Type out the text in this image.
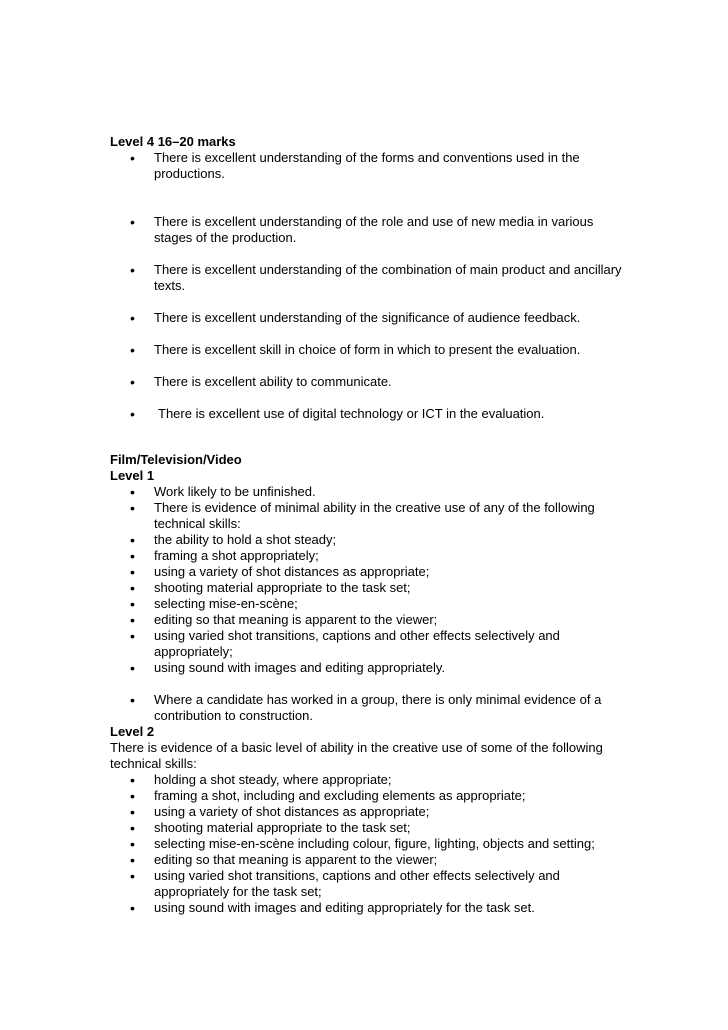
Level 4 16–20 marks

• There is excellent understanding of the forms and conventions used in the productions.
• There is excellent understanding of the role and use of new media in various stages of the production.
• There is excellent understanding of the combination of main product and ancillary texts.
• There is excellent understanding of the significance of audience feedback.
• There is excellent skill in choice of form in which to present the evaluation.
• There is excellent ability to communicate.
• There is excellent use of digital technology or ICT in the evaluation.

Film/Television/Video

Level 1

• Work likely to be unfinished.
• There is evidence of minimal ability in the creative use of any of the following technical skills:
• the ability to hold a shot steady;
• framing a shot appropriately;
• using a variety of shot distances as appropriate;
• shooting material appropriate to the task set;
• selecting mise-en-scène;
• editing so that meaning is apparent to the viewer;
• using varied shot transitions, captions and other effects selectively and appropriately;
• using sound with images and editing appropriately.
• Where a candidate has worked in a group, there is only minimal evidence of a contribution to construction.

Level 2

There is evidence of a basic level of ability in the creative use of some of the following technical skills:

• holding a shot steady, where appropriate;
• framing a shot, including and excluding elements as appropriate;
• using a variety of shot distances as appropriate;
• shooting material appropriate to the task set;
• selecting mise-en-scène including colour, figure, lighting, objects and setting;
• editing so that meaning is apparent to the viewer;
• using varied shot transitions, captions and other effects selectively and appropriately for the task set;
• using sound with images and editing appropriately for the task set.
